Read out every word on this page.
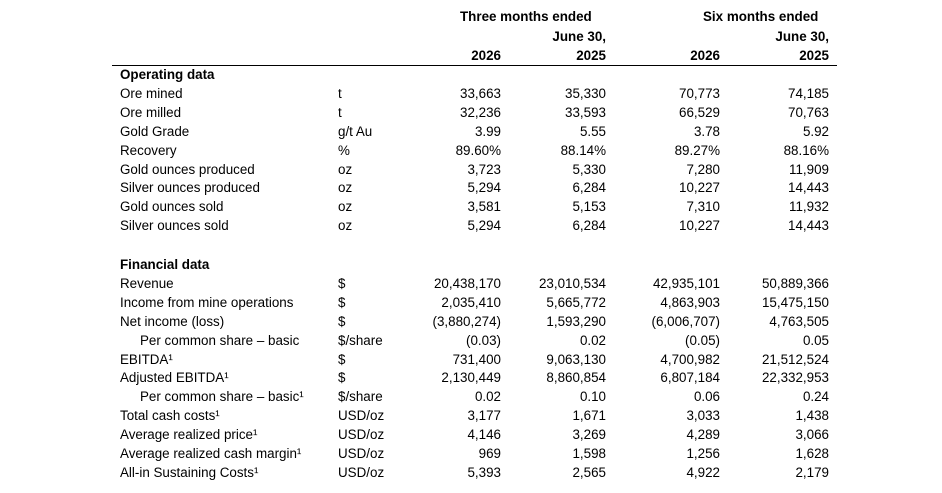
Three months ended
June 30,
Six months ended
June 30,
2026	2025	2026	2025
Operating data
Ore mined	t	33,663	35,330	70,773	74,185
Ore milled	t	32,236	33,593	66,529	70,763
Gold Grade	g/t Au	3.99	5.55	3.78	5.92
Recovery	%	89.60%	88.14%	89.27%	88.16%
Gold ounces produced	oz	3,723	5,330	7,280	11,909
Silver ounces produced	oz	5,294	6,284	10,227	14,443
Gold ounces sold	oz	3,581	5,153	7,310	11,932
Silver ounces sold	oz	5,294	6,284	10,227	14,443
Financial data
Revenue	$	20,438,170	23,010,534	42,935,101	50,889,366
Income from mine operations	$	2,035,410	5,665,772	4,863,903	15,475,150
Net income (loss)	$	(3,880,274)	1,593,290	(6,006,707)	4,763,505
Per common share – basic	$/share	(0.03)	0.02	(0.05)	0.05
EBITDA¹	$	731,400	9,063,130	4,700,982	21,512,524
Adjusted EBITDA¹	$	2,130,449	8,860,854	6,807,184	22,332,953
Per common share – basic¹	$/share	0.02	0.10	0.06	0.24
Total cash costs¹	USD/oz	3,177	1,671	3,033	1,438
Average realized price¹	USD/oz	4,146	3,269	4,289	3,066
Average realized cash margin¹	USD/oz	969	1,598	1,256	1,628
All-in Sustaining Costs¹	USD/oz	5,393	2,565	4,922	2,179
